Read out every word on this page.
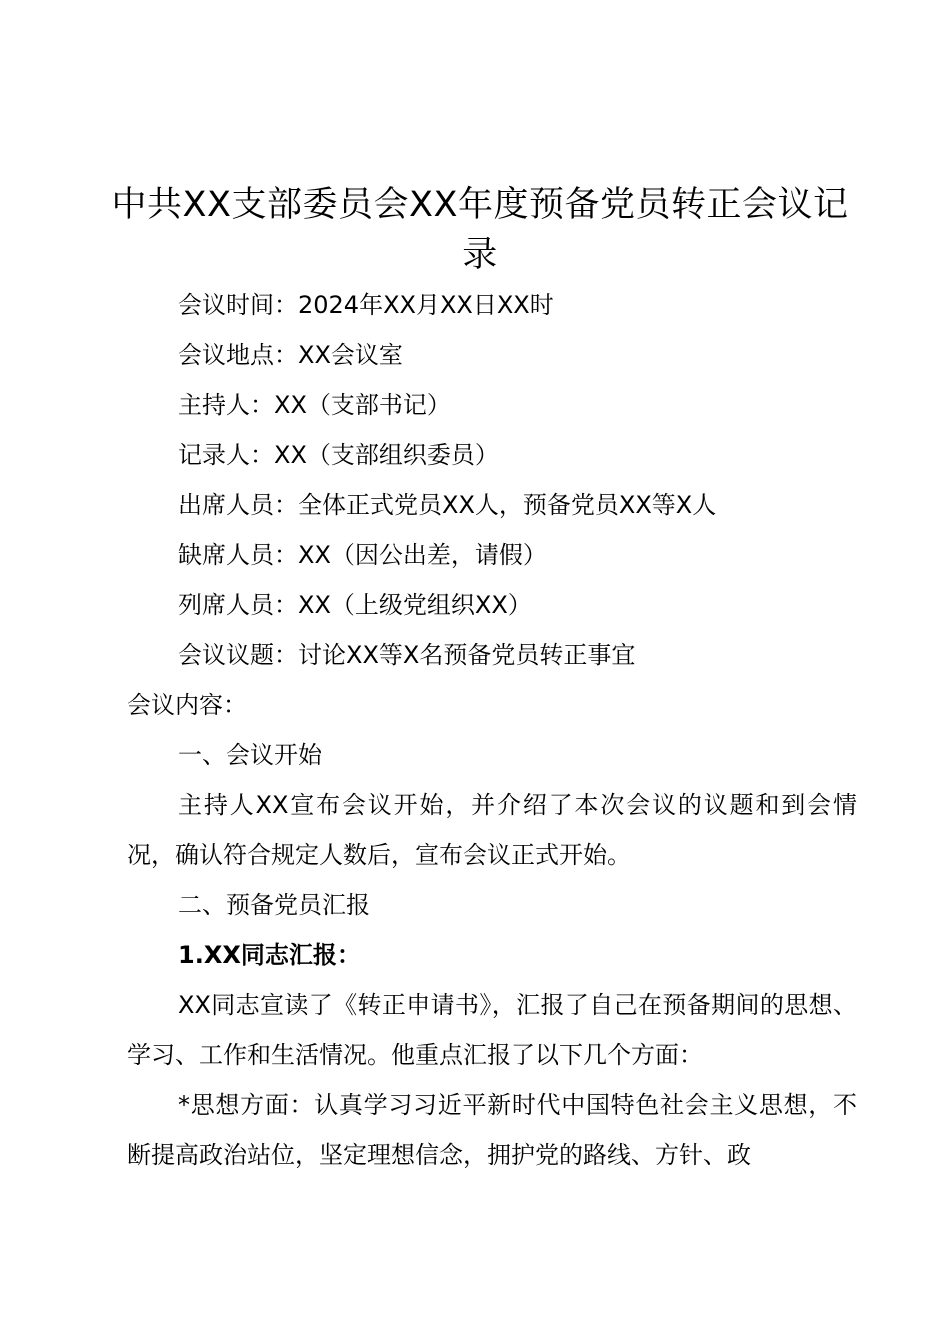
中共XX支部委员会XX年度预备党员转正会议记录
会议时间：2024年XX月XX日XX时
会议地点：XX会议室
主持人：XX（支部书记）
记录人：XX（支部组织委员）
出席人员：全体正式党员XX人，预备党员XX等X人
缺席人员：XX（因公出差，请假）
列席人员：XX（上级党组织XX）
会议议题：讨论XX等X名预备党员转正事宜
会议内容：
一、会议开始
主持人XX宣布会议开始，并介绍了本次会议的议题和到会情况，确认符合规定人数后，宣布会议正式开始。
二、预备党员汇报
1.XX同志汇报：
XX同志宣读了《转正申请书》，汇报了自己在预备期间的思想、学习、工作和生活情况。他重点汇报了以下几个方面：
*思想方面：认真学习习近平新时代中国特色社会主义思想，不断提高政治站位，坚定理想信念，拥护党的路线、方针、政
